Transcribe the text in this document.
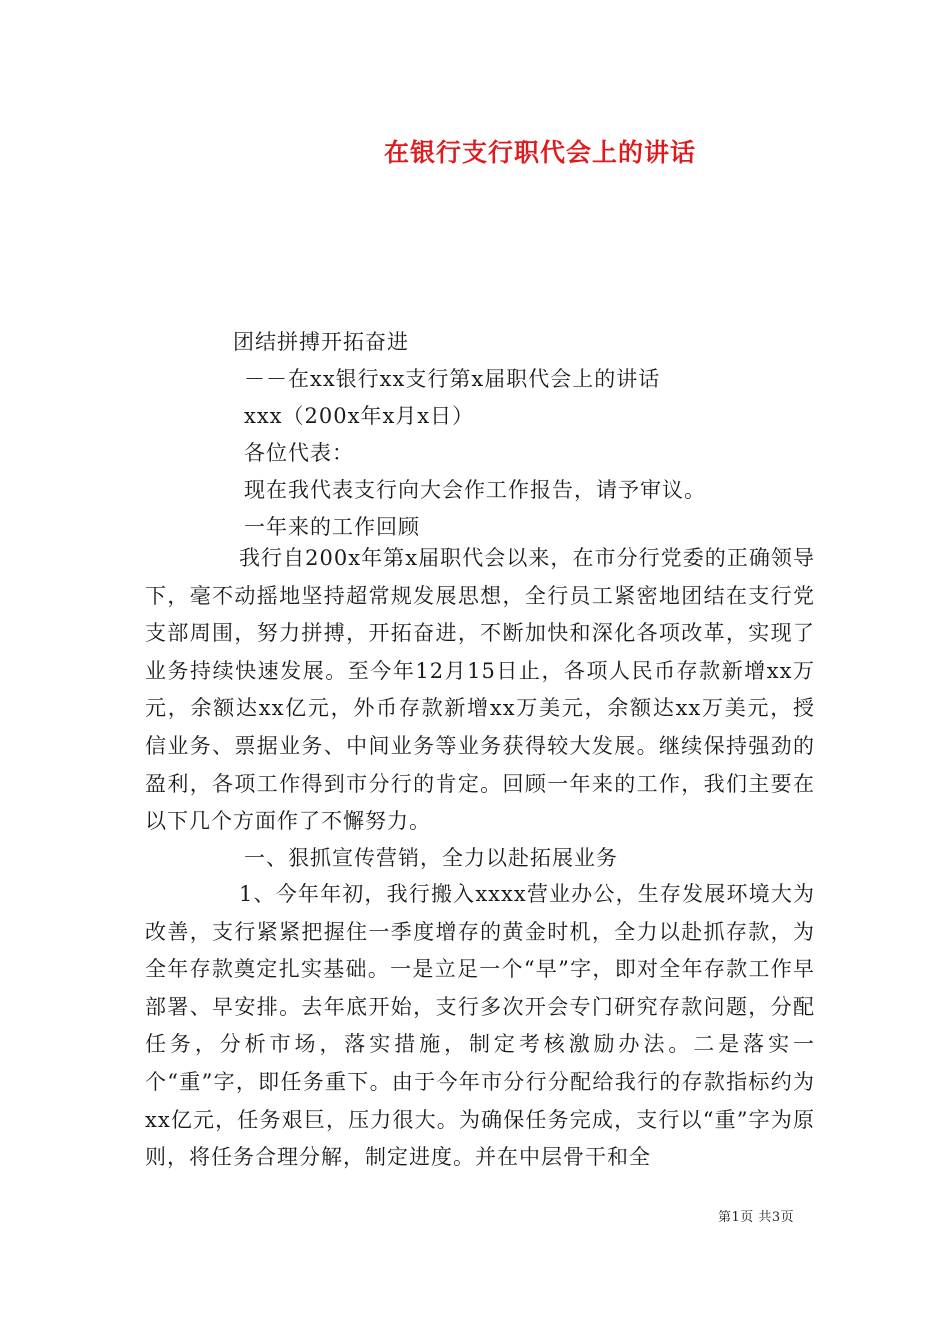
在银行支行职代会上的讲话
团结拼搏开拓奋进
－－在xx银行xx支行第x届职代会上的讲话
xxx（200x年x月x日）
各位代表：
现在我代表支行向大会作工作报告，请予审议。
一年来的工作回顾

我行自200x年第x届职代会以来，在市分行党委的正确领导下，毫不动摇地坚持超常规发展思想，全行员工紧密地团结在支行党支部周围，努力拼搏，开拓奋进，不断加快和深化各项改革，实现了业务持续快速发展。至今年12月15日止，各项人民币存款新增xx万元，余额达xx亿元，外币存款新增xx万美元，余额达xx万美元，授信业务、票据业务、中间业务等业务获得较大发展。继续保持强劲的盈利，各项工作得到市分行的肯定。回顾一年来的工作，我们主要在以下几个方面作了不懈努力。

一、狠抓宣传营销，全力以赴拓展业务

1、今年年初，我行搬入xxxx营业办公，生存发展环境大为改善，支行紧紧把握住一季度增存的黄金时机，全力以赴抓存款，为全年存款奠定扎实基础。一是立足一个“早”字，即对全年存款工作早部署、早安排。去年底开始，支行多次开会专门研究存款问题，分配任务，分析市场，落实措施，制定考核激励办法。二是落实一个“重”字，即任务重下。由于今年市分行分配给我行的存款指标约为xx亿元，任务艰巨，压力很大。为确保任务完成，支行以“重”字为原则，将任务合理分解，制定进度。并在中层骨干和全

第1页 共3页
